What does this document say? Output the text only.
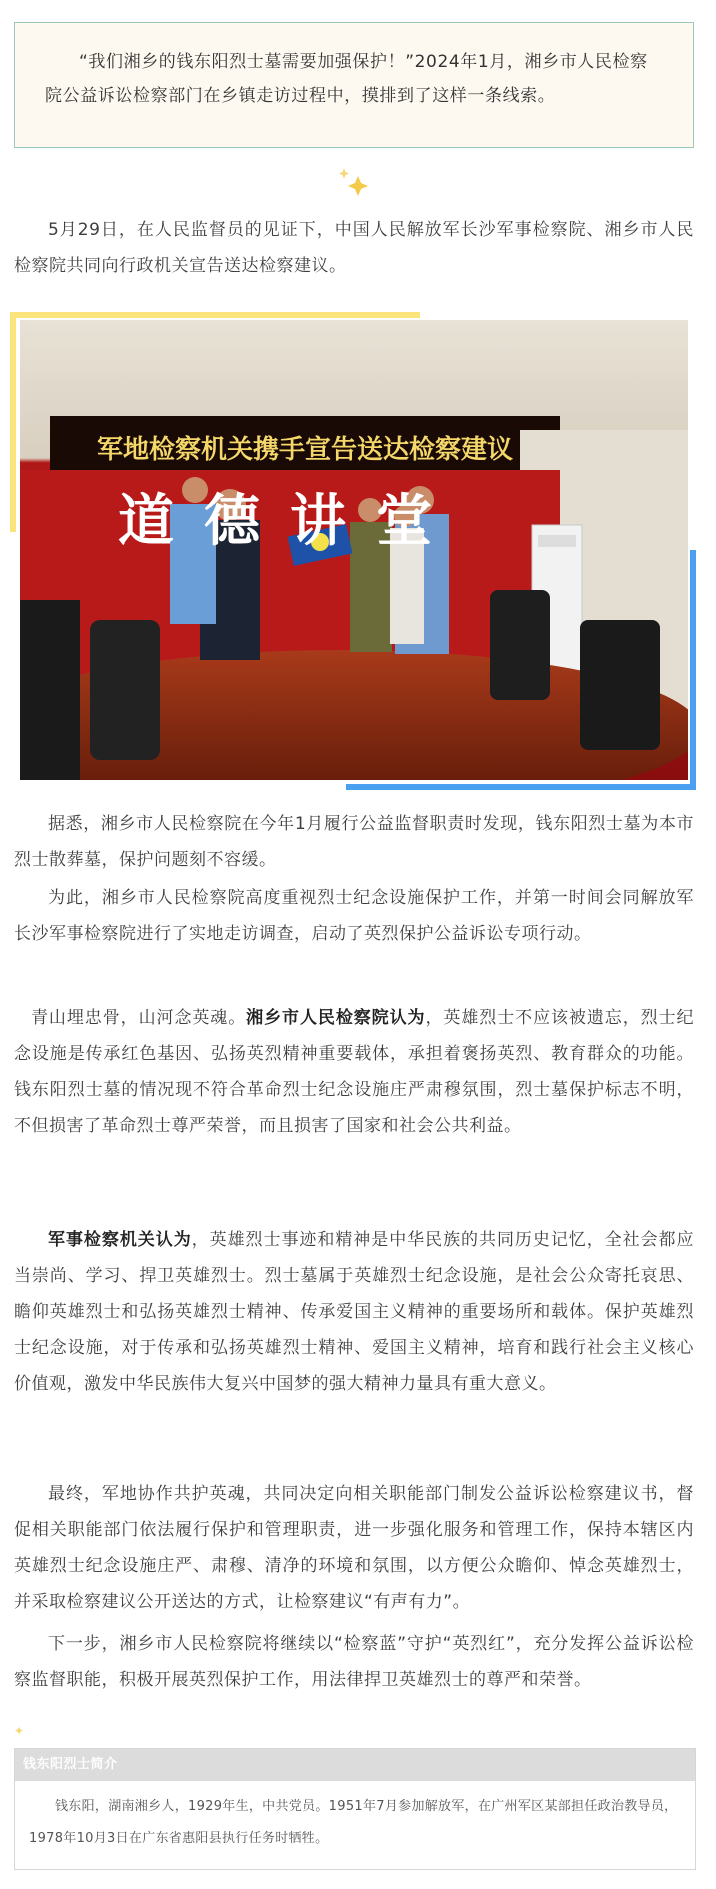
“我们湘乡的钱东阳烈士墓需要加强保护！”2024年1月，湘乡市人民检察院公益诉讼检察部门在乡镇走访过程中，摸排到了这样一条线索。

5月29日，在人民监督员的见证下，中国人民解放军长沙军事检察院、湘乡市人民检察院共同向行政机关宣告送达检察建议。

军地检察机关携手宣告送达检察建议
道德讲堂

据悉，湘乡市人民检察院在今年1月履行公益监督职责时发现，钱东阳烈士墓为本市烈士散葬墓，保护问题刻不容缓。

为此，湘乡市人民检察院高度重视烈士纪念设施保护工作，并第一时间会同解放军长沙军事检察院进行了实地走访调查，启动了英烈保护公益诉讼专项行动。

青山埋忠骨，山河念英魂。湘乡市人民检察院认为，英雄烈士不应该被遗忘，烈士纪念设施是传承红色基因、弘扬英烈精神重要载体，承担着褒扬英烈、教育群众的功能。钱东阳烈士墓的情况现不符合革命烈士纪念设施庄严肃穆氛围，烈士墓保护标志不明，不但损害了革命烈士尊严荣誉，而且损害了国家和社会公共利益。

军事检察机关认为，英雄烈士事迹和精神是中华民族的共同历史记忆，全社会都应当崇尚、学习、捍卫英雄烈士。烈士墓属于英雄烈士纪念设施，是社会公众寄托哀思、瞻仰英雄烈士和弘扬英雄烈士精神、传承爱国主义精神的重要场所和载体。保护英雄烈士纪念设施，对于传承和弘扬英雄烈士精神、爱国主义精神，培育和践行社会主义核心价值观，激发中华民族伟大复兴中国梦的强大精神力量具有重大意义。

最终，军地协作共护英魂，共同决定向相关职能部门制发公益诉讼检察建议书，督促相关职能部门依法履行保护和管理职责，进一步强化服务和管理工作，保持本辖区内英雄烈士纪念设施庄严、肃穆、清净的环境和氛围，以方便公众瞻仰、悼念英雄烈士，并采取检察建议公开送达的方式，让检察建议“有声有力”。

下一步，湘乡市人民检察院将继续以“检察蓝”守护“英烈红”，充分发挥公益诉讼检察监督职能，积极开展英烈保护工作，用法律捍卫英雄烈士的尊严和荣誉。

✦
钱东阳烈士简介
钱东阳，湖南湘乡人，1929年生，中共党员。1951年7月参加解放军，在广州军区某部担任政治教导员，1978年10月3日在广东省惠阳县执行任务时牺牲。
